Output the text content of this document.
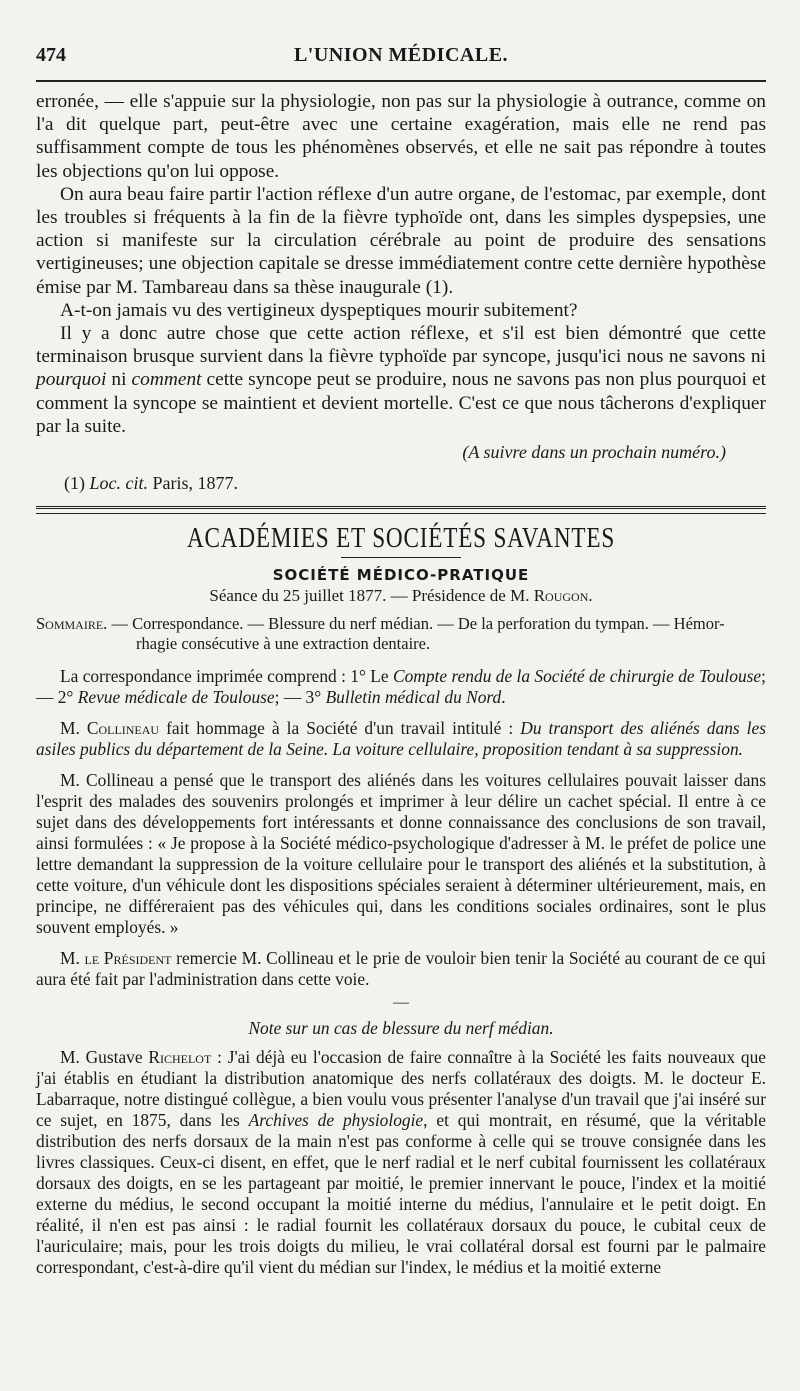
474	L'UNION MÉDICALE.

erronée, — elle s'appuie sur la physiologie, non pas sur la physiologie à outrance, comme on l'a dit quelque part, peut-être avec une certaine exagération, mais elle ne rend pas suffisamment compte de tous les phénomènes observés, et elle ne sait pas répondre à toutes les objections qu'on lui oppose.

On aura beau faire partir l'action réflexe d'un autre organe, de l'estomac, par exemple, dont les troubles si fréquents à la fin de la fièvre typhoïde ont, dans les simples dyspepsies, une action si manifeste sur la circulation cérébrale au point de produire des sensations vertigineuses; une objection capitale se dresse immédiatement contre cette dernière hypothèse émise par M. Tambareau dans sa thèse inaugurale (1).

A-t-on jamais vu des vertigineux dyspeptiques mourir subitement?

Il y a donc autre chose que cette action réflexe, et s'il est bien démontré que cette terminaison brusque survient dans la fièvre typhoïde par syncope, jusqu'ici nous ne savons ni pourquoi ni comment cette syncope peut se produire, nous ne savons pas non plus pourquoi et comment la syncope se maintient et devient mortelle. C'est ce que nous tâcherons d'expliquer par la suite.

(A suivre dans un prochain numéro.)
(1) Loc. cit. Paris, 1877.
ACADÉMIES ET SOCIÉTÉS SAVANTES
SOCIÉTÉ MÉDICO-PRATIQUE
Séance du 25 juillet 1877. — Présidence de M. Rougon.
Sommaire. — Correspondance. — Blessure du nerf médian. — De la perforation du tympan. — Hémor-
rhagie consécutive à une extraction dentaire.

La correspondance imprimée comprend : 1° Le Compte rendu de la Société de chirurgie de Toulouse; — 2° Revue médicale de Toulouse; — 3° Bulletin médical du Nord.

M. Collineau fait hommage à la Société d'un travail intitulé : Du transport des aliénés dans les asiles publics du département de la Seine. La voiture cellulaire, proposition tendant à sa suppression.

M. Collineau a pensé que le transport des aliénés dans les voitures cellulaires pouvait laisser dans l'esprit des malades des souvenirs prolongés et imprimer à leur délire un cachet spécial. Il entre à ce sujet dans des développements fort intéressants et donne connaissance des conclusions de son travail, ainsi formulées : « Je propose à la Société médico-psychologique d'adresser à M. le préfet de police une lettre demandant la suppression de la voiture cellulaire pour le transport des aliénés et la substitution, à cette voiture, d'un véhicule dont les dispositions spéciales seraient à déterminer ultérieurement, mais, en principe, ne différeraient pas des véhicules qui, dans les conditions sociales ordinaires, sont le plus souvent employés. »

M. le Président remercie M. Collineau et le prie de vouloir bien tenir la Société au courant de ce qui aura été fait par l'administration dans cette voie.

—
Note sur un cas de blessure du nerf médian.

M. Gustave Richelot : J'ai déjà eu l'occasion de faire connaître à la Société les faits nouveaux que j'ai établis en étudiant la distribution anatomique des nerfs collatéraux des doigts. M. le docteur E. Labarraque, notre distingué collègue, a bien voulu vous présenter l'analyse d'un travail que j'ai inséré sur ce sujet, en 1875, dans les Archives de physiologie, et qui montrait, en résumé, que la véritable distribution des nerfs dorsaux de la main n'est pas conforme à celle qui se trouve consignée dans les livres classiques. Ceux-ci disent, en effet, que le nerf radial et le nerf cubital fournissent les collatéraux dorsaux des doigts, en se les partageant par moitié, le premier innervant le pouce, l'index et la moitié externe du médius, le second occupant la moitié interne du médius, l'annulaire et le petit doigt. En réalité, il n'en est pas ainsi : le radial fournit les collatéraux dorsaux du pouce, le cubital ceux de l'auriculaire; mais, pour les trois doigts du milieu, le vrai collatéral dorsal est fourni par le palmaire correspondant, c'est-à-dire qu'il vient du médian sur l'index, le médius et la moitié externe
